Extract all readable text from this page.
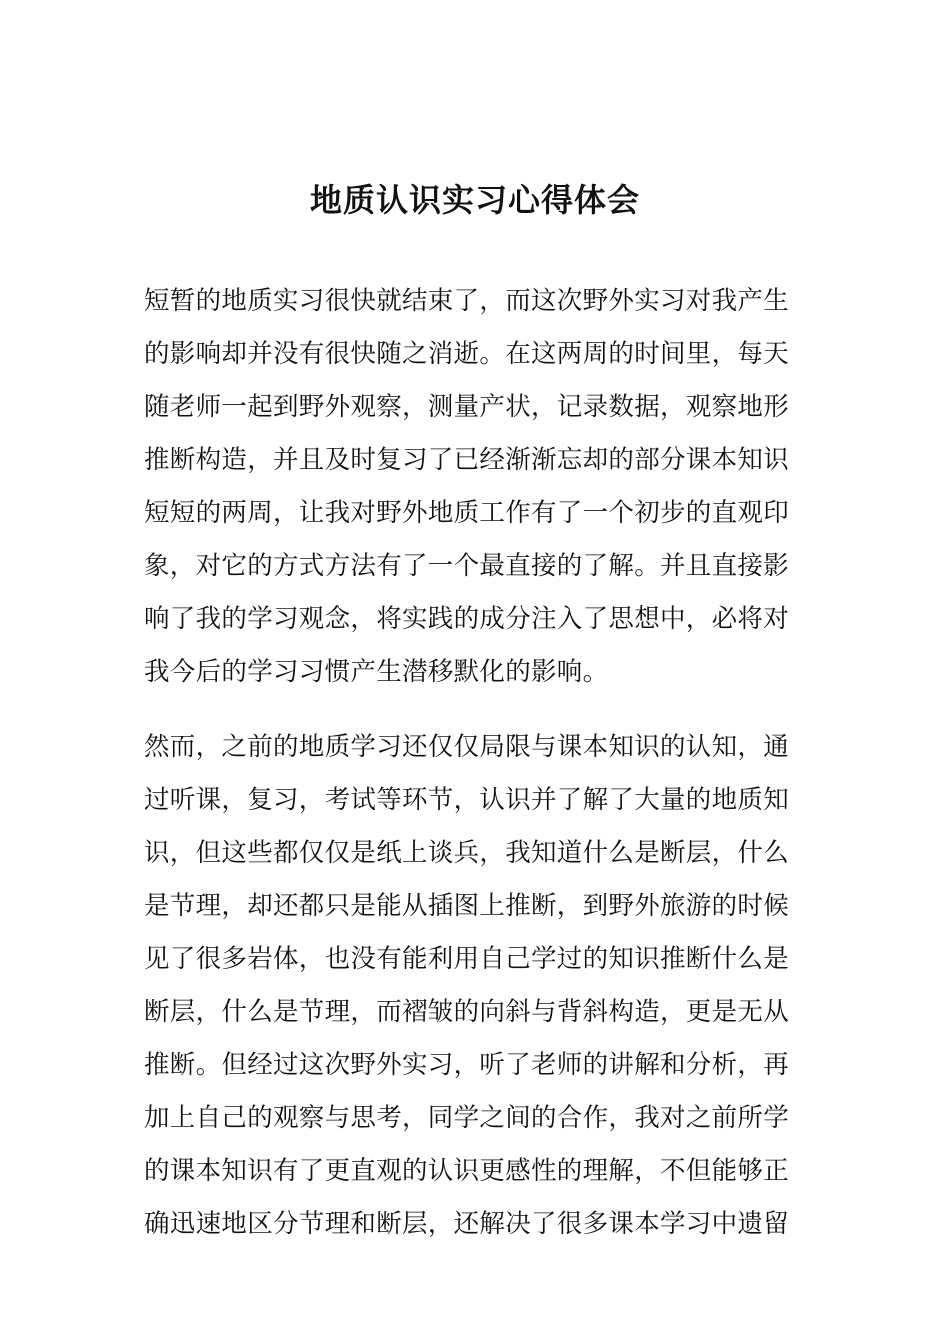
地质认识实习心得体会
短暂的地质实习很快就结束了，而这次野外实习对我产生
的影响却并没有很快随之消逝。在这两周的时间里，每天
随老师一起到野外观察，测量产状，记录数据，观察地形
推断构造，并且及时复习了已经渐渐忘却的部分课本知识
短短的两周，让我对野外地质工作有了一个初步的直观印
象，对它的方式方法有了一个最直接的了解。并且直接影
响了我的学习观念，将实践的成分注入了思想中，必将对
我今后的学习习惯产生潜移默化的影响。
然而，之前的地质学习还仅仅局限与课本知识的认知，通
过听课，复习，考试等环节，认识并了解了大量的地质知
识，但这些都仅仅是纸上谈兵，我知道什么是断层，什么
是节理，却还都只是能从插图上推断，到野外旅游的时候
见了很多岩体，也没有能利用自己学过的知识推断什么是
断层，什么是节理，而褶皱的向斜与背斜构造，更是无从
推断。但经过这次野外实习，听了老师的讲解和分析，再
加上自己的观察与思考，同学之间的合作，我对之前所学
的课本知识有了更直观的认识更感性的理解，不但能够正
确迅速地区分节理和断层，还解决了很多课本学习中遗留
